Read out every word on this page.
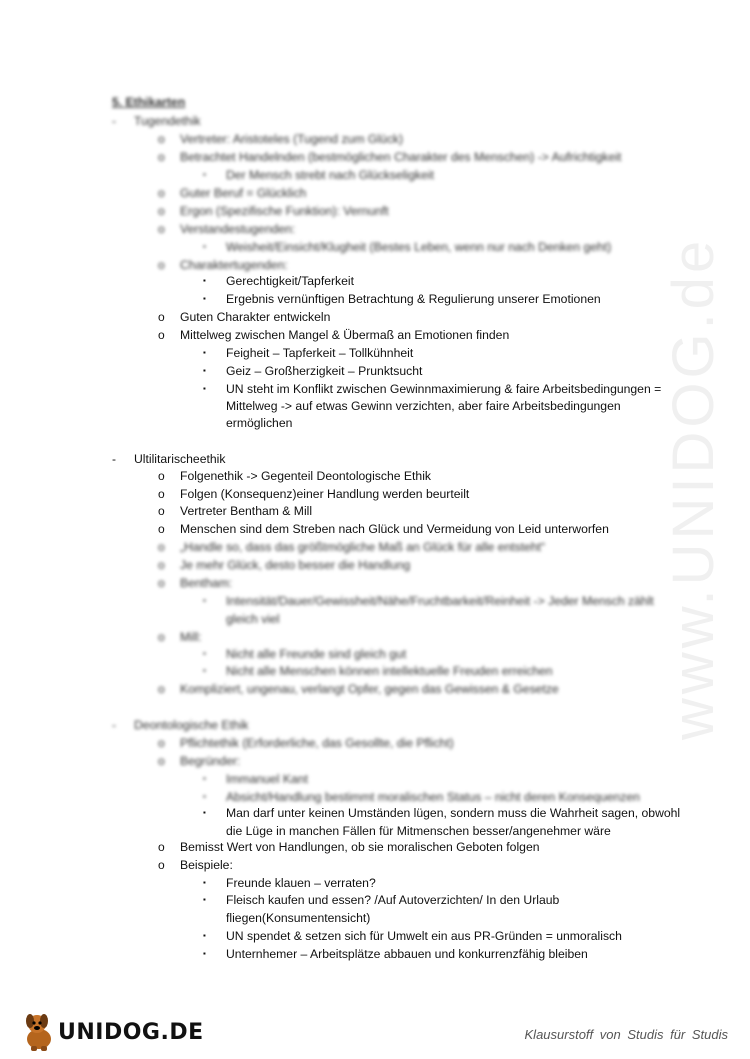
www.UNIDOG.de
5. Ethikarten
- Tugendethik
o Vertreter: Aristoteles (Tugend zum Glück)
o Betrachtet Handelnden (bestmöglichen Charakter des Menschen) -> Aufrichtigkeit
▪ Der Mensch strebt nach Glückseligkeit
o Guter Beruf = Glücklich
o Ergon (Spezifische Funktion): Vernunft
o Verstandestugenden:
▪ Weisheit/Einsicht/Klugheit (Bestes Leben, wenn nur nach Denken geht)
o Charaktertugenden:
▪ Gerechtigkeit/Tapferkeit
▪ Ergebnis vernünftigen Betrachtung & Regulierung unserer Emotionen
o Guten Charakter entwickeln
o Mittelweg zwischen Mangel & Übermaß an Emotionen finden
▪ Feigheit – Tapferkeit – Tollkühnheit
▪ Geiz – Großherzigkeit – Prunktsucht
▪ UN steht im Konflikt zwischen Gewinnmaximierung & faire Arbeitsbedingungen =
Mittelweg -> auf etwas Gewinn verzichten, aber faire Arbeitsbedingungen
ermöglichen
- Ultilitarischeethik
o Folgenethik -> Gegenteil Deontologische Ethik
o Folgen (Konsequenz)einer Handlung werden beurteilt
o Vertreter Bentham & Mill
o Menschen sind dem Streben nach Glück und Vermeidung von Leid unterworfen
o „Handle so, dass das größtmögliche Maß an Glück für alle entsteht“
o Je mehr Glück, desto besser die Handlung
o Bentham:
▪ Intensität/Dauer/Gewissheit/Nähe/Fruchtbarkeit/Reinheit -> Jeder Mensch zählt
gleich viel
o Mill:
▪ Nicht alle Freunde sind gleich gut
▪ Nicht alle Menschen können intellektuelle Freuden erreichen
o Kompliziert, ungenau, verlangt Opfer, gegen das Gewissen & Gesetze
- Deontologische Ethik
o Pflichtethik (Erforderliche, das Gesollte, die Pflicht)
o Begründer:
▪ Immanuel Kant
▪ Absicht/Handlung bestimmt moralischen Status – nicht deren Konsequenzen
▪ Man darf unter keinen Umständen lügen, sondern muss die Wahrheit sagen, obwohl
die Lüge in manchen Fällen für Mitmenschen besser/angenehmer wäre
o Bemisst Wert von Handlungen, ob sie moralischen Geboten folgen
o Beispiele:
▪ Freunde klauen – verraten?
▪ Fleisch kaufen und essen? /Auf Autoverzichten/ In den Urlaub
fliegen(Konsumentensicht)
▪ UN spendet & setzen sich für Umwelt ein aus PR-Gründen = unmoralisch
▪ Unternhemer – Arbeitsplätze abbauen und konkurrenzfähig bleiben
UNIDOG.DE	Klausurstoff von Studis für Studis
